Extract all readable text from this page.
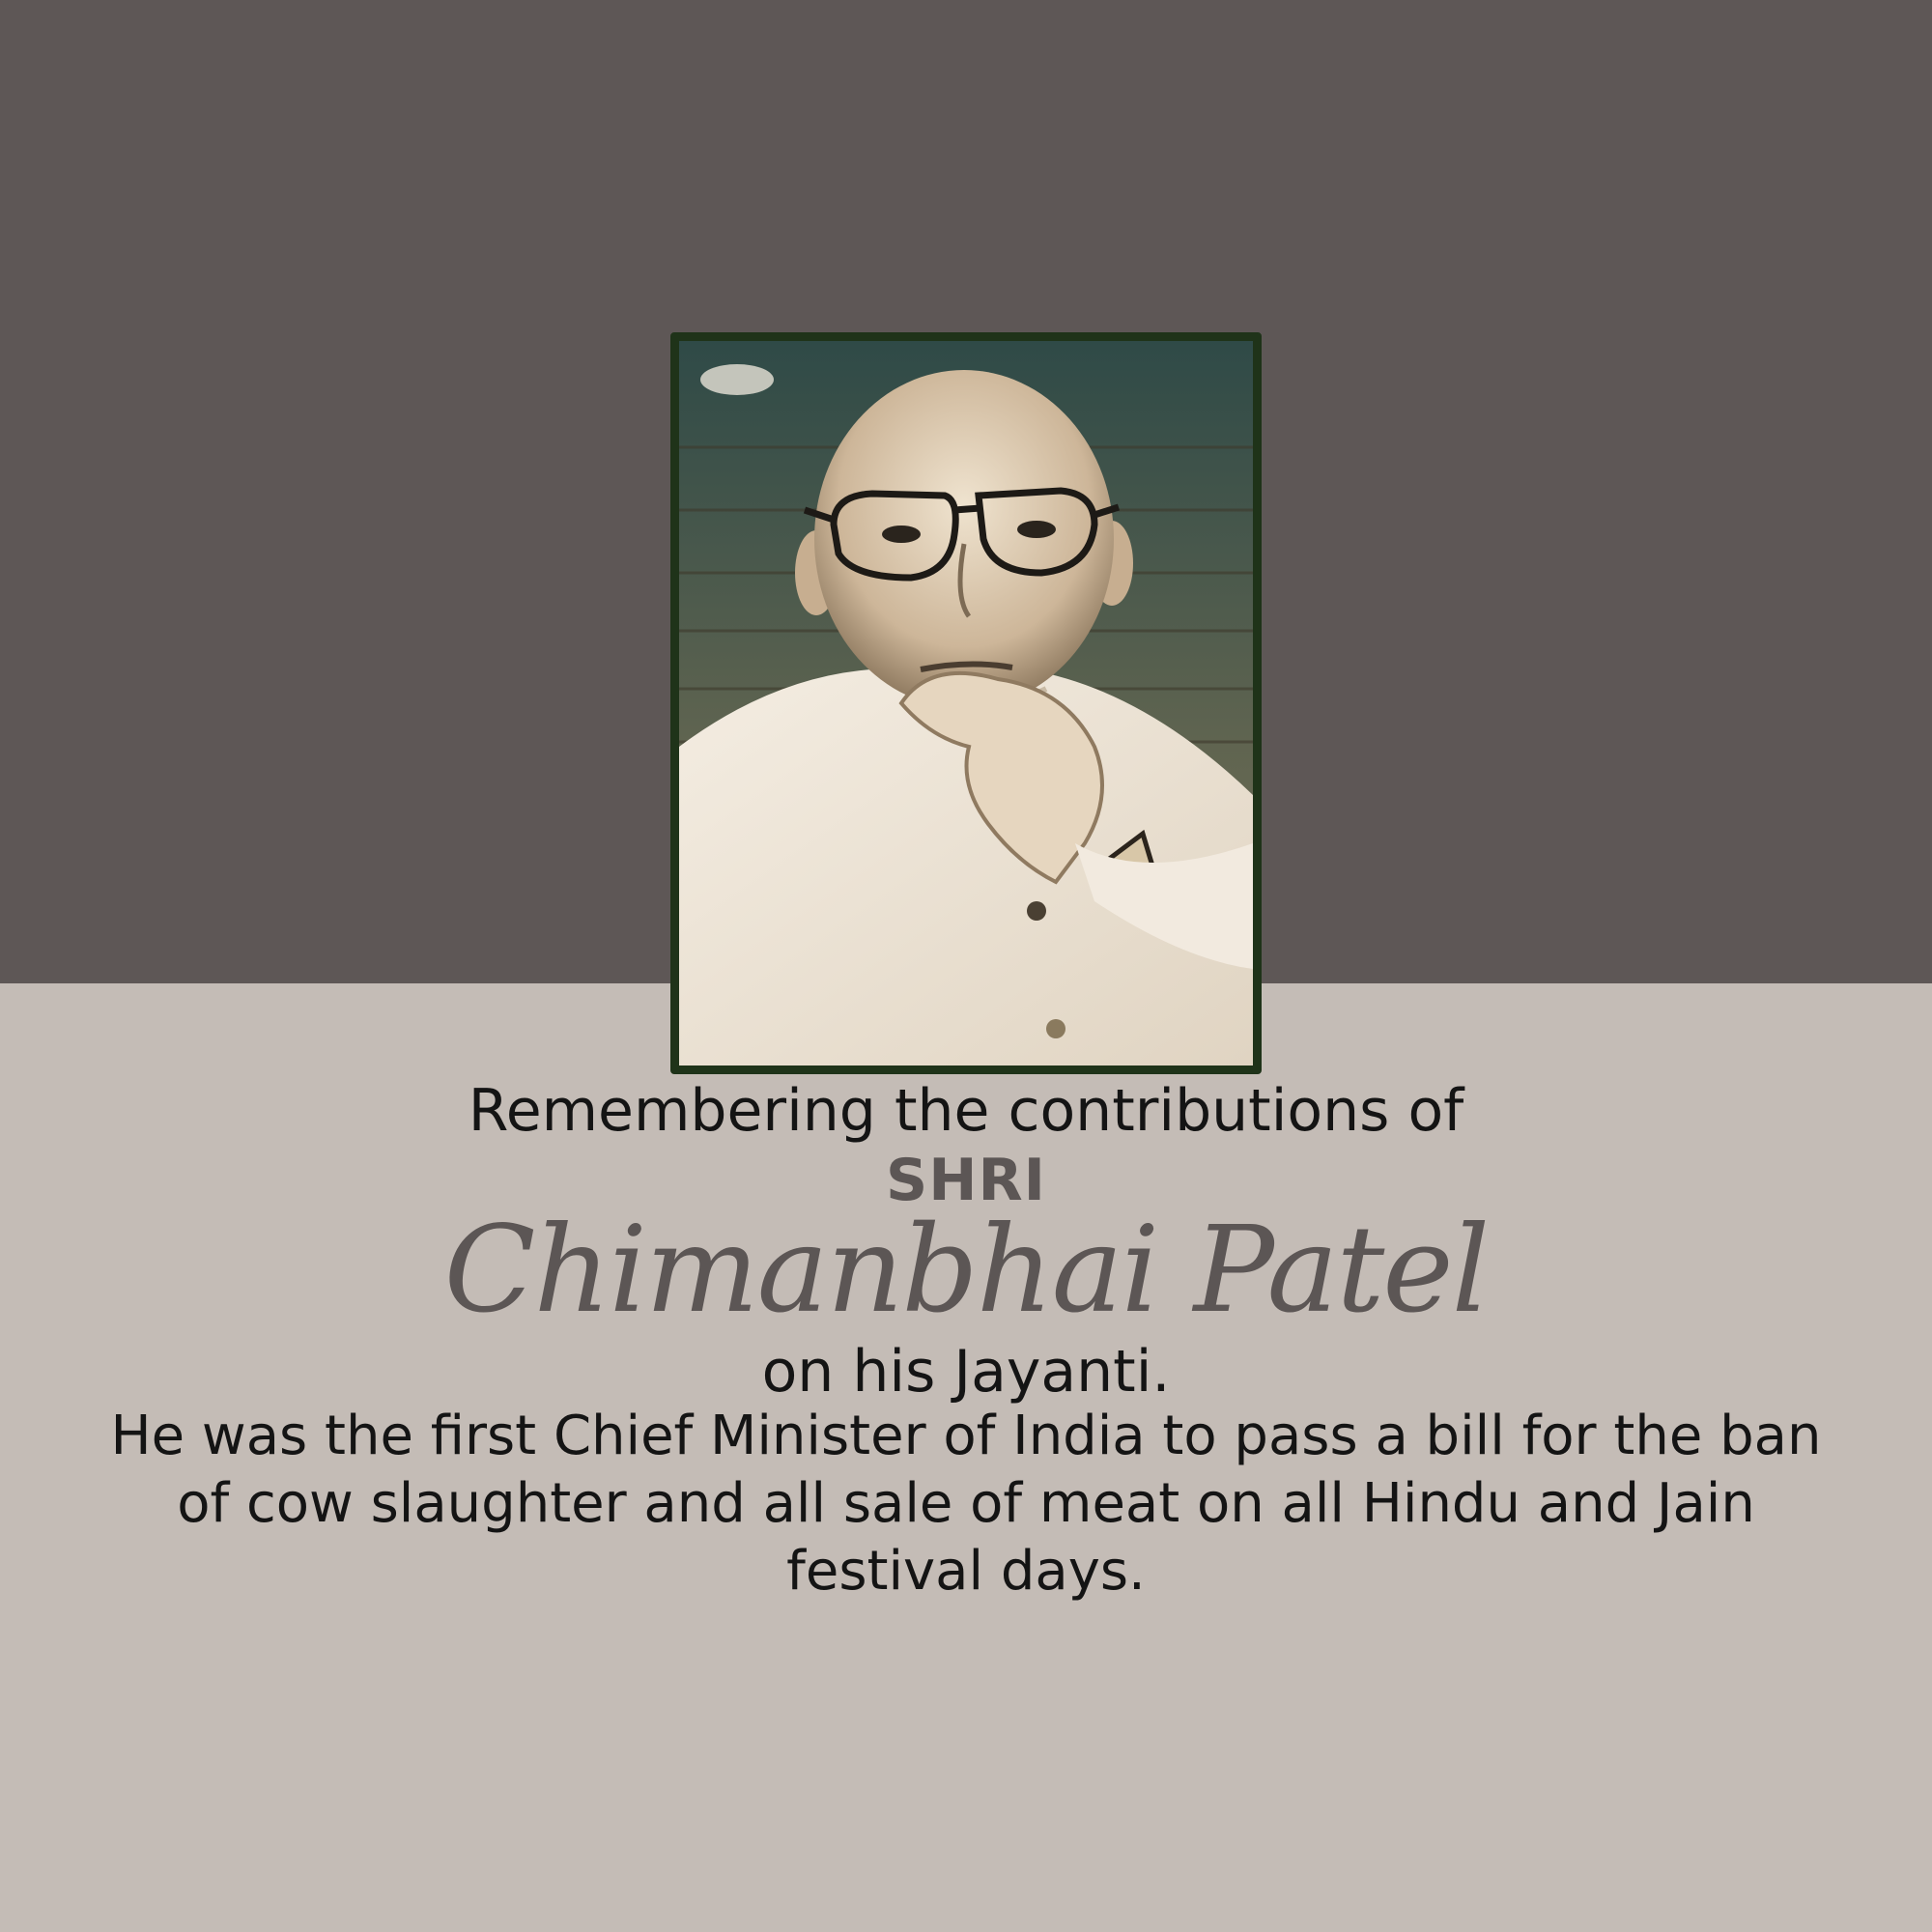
Remembering the contributions of

SHRI

Chimanbhai Patel

on his Jayanti.

He was the first Chief Minister of India to pass a bill for the ban of cow slaughter and all sale of meat on all Hindu and Jain festival days.
